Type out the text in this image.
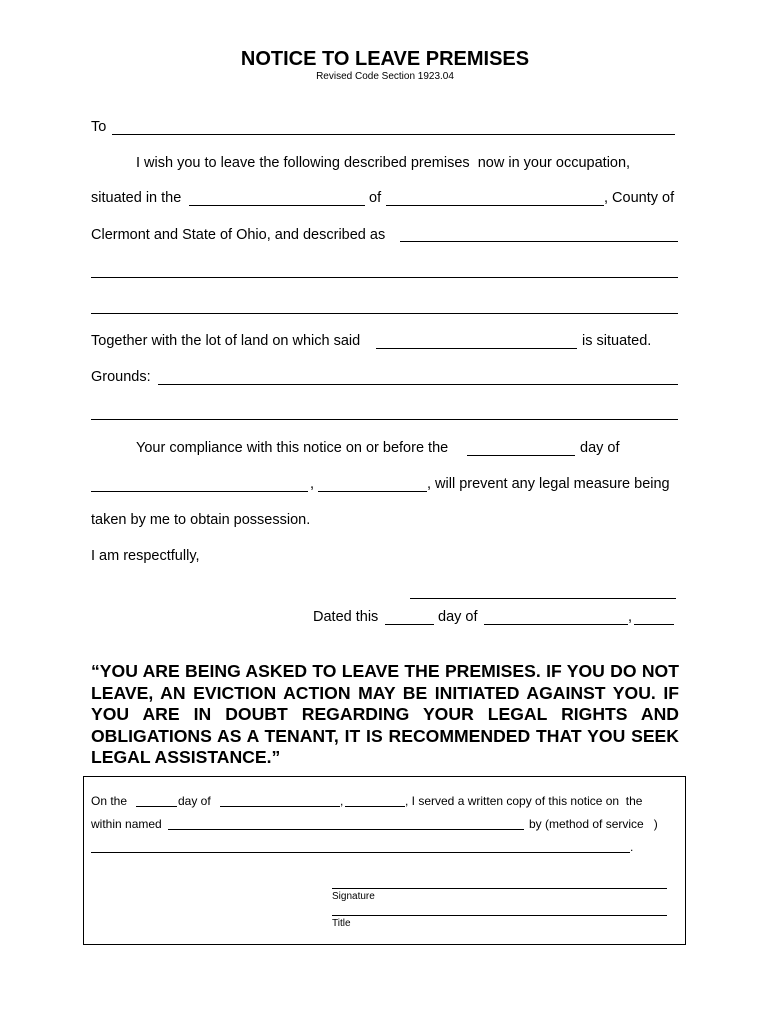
NOTICE TO LEAVE PREMISES
Revised Code Section 1923.04
To
I wish you to leave the following described premises  now in your occupation,
situated in the	of	, County of
Clermont and State of Ohio, and described as
Together with the lot of land on which said	is situated.
Grounds:
Your compliance with this notice on or before the	day of
,	, will prevent any legal measure being
taken by me to obtain possession.
I am respectfully,
Dated this	day of	,
“YOU ARE BEING ASKED TO LEAVE THE PREMISES. IF YOU DO NOT LEAVE, AN EVICTION ACTION MAY BE INITIATED AGAINST YOU. IF YOU ARE IN DOUBT REGARDING YOUR LEGAL RIGHTS AND OBLIGATIONS AS A TENANT, IT IS RECOMMENDED THAT YOU SEEK LEGAL ASSISTANCE.”
On the	day of	,	, I served a written copy of this notice on  the
within named	by (method of service   )
.
Signature
Title
